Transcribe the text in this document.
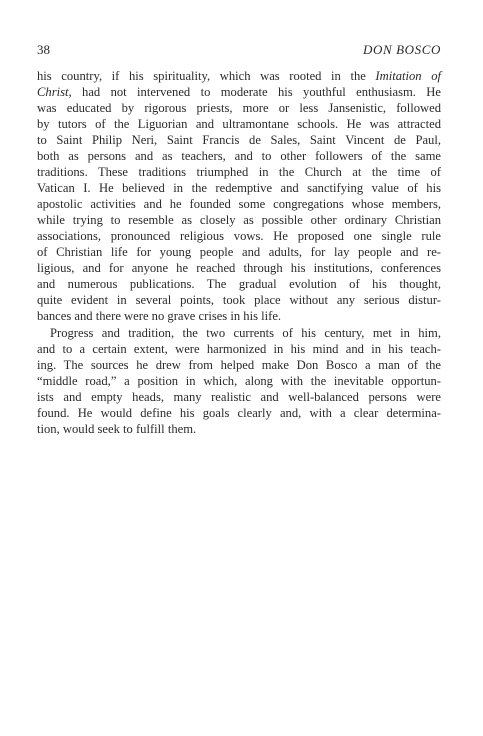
38	DON BOSCO
his country, if his spirituality, which was rooted in the Imitation of
Christ, had not intervened to moderate his youthful enthusiasm. He
was educated by rigorous priests, more or less Jansenistic, followed
by tutors of the Liguorian and ultramontane schools. He was attracted
to Saint Philip Neri, Saint Francis de Sales, Saint Vincent de Paul,
both as persons and as teachers, and to other followers of the same
traditions. These traditions triumphed in the Church at the time of
Vatican I. He believed in the redemptive and sanctifying value of his
apostolic activities and he founded some congregations whose members,
while trying to resemble as closely as possible other ordinary Christian
associations, pronounced religious vows. He proposed one single rule
of Christian life for young people and adults, for lay people and re-
ligious, and for anyone he reached through his institutions, conferences
and numerous publications. The gradual evolution of his thought,
quite evident in several points, took place without any serious distur-
bances and there were no grave crises in his life.
Progress and tradition, the two currents of his century, met in him,
and to a certain extent, were harmonized in his mind and in his teach-
ing. The sources he drew from helped make Don Bosco a man of the
“middle road,” a position in which, along with the inevitable opportun-
ists and empty heads, many realistic and well-balanced persons were
found. He would define his goals clearly and, with a clear determina-
tion, would seek to fulfill them.
